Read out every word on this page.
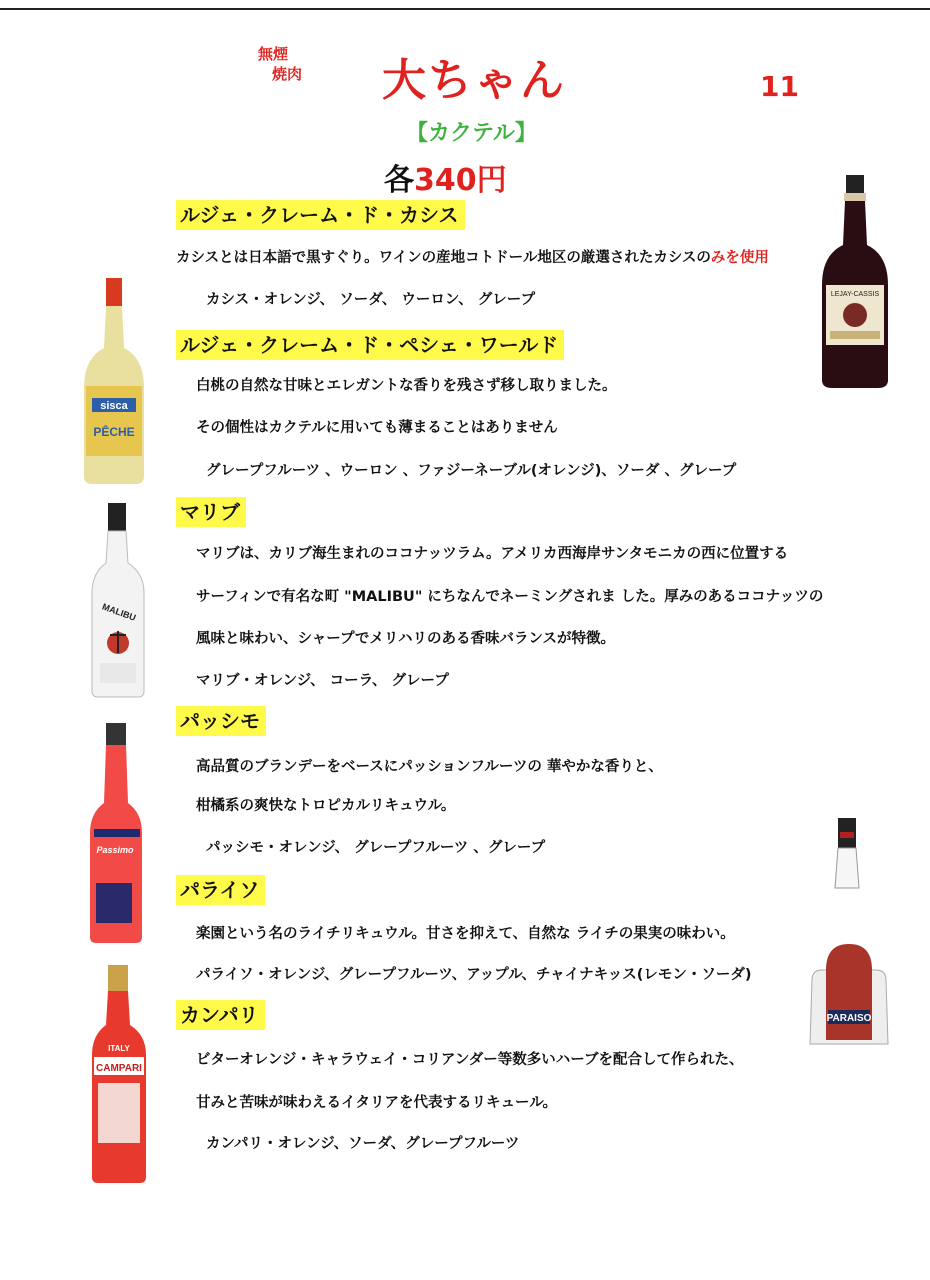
無煙
焼肉	大ちゃん	11
【カクテル】
各340円
ルジェ・クレーム・ド・カシス
カシスとは日本語で黒すぐり。ワインの産地コトドール地区の厳選されたカシスのみを使用
カシス・オレンジ、 ソーダ、 ウーロン、 グレープ
ルジェ・クレーム・ド・ペシェ・ワールド
白桃の自然な甘味とエレガントな香りを残さず移し取りました。
その個性はカクテルに用いても薄まることはありません
グレープフルーツ 、ウーロン 、ファジーネーブル(オレンジ)、ソーダ 、グレープ
マリブ
マリブは、カリブ海生まれのココナッツラム。アメリカ西海岸サンタモニカの西に位置する
サーフィンで有名な町 "MALIBU" にちなんでネーミングされま した。厚みのあるココナッツの
風味と味わい、シャープでメリハリのある香味バランスが特徴。
マリブ・オレンジ、 コーラ、 グレープ
パッシモ
高品質のブランデーをベースにパッションフルーツの 華やかな香りと、
柑橘系の爽快なトロピカルリキュウル。
パッシモ・オレンジ、 グレープフルーツ 、グレープ
パライソ
楽園という名のライチリキュウル。甘さを抑えて、自然な ライチの果実の味わい。
パライソ・オレンジ、グレープフルーツ、アップル、チャイナキッス(レモン・ソーダ)
カンパリ
ビターオレンジ・キャラウェイ・コリアンダー等数多いハーブを配合して作られた、
甘みと苦味が味わえるイタリアを代表するリキュール。
カンパリ・オレンジ、ソーダ、グレープフルーツ
LEJAY-CASSIS
sisca
PÊCHE
MALIBU
Passimo
PARAISO
ITALY
CAMPARI
